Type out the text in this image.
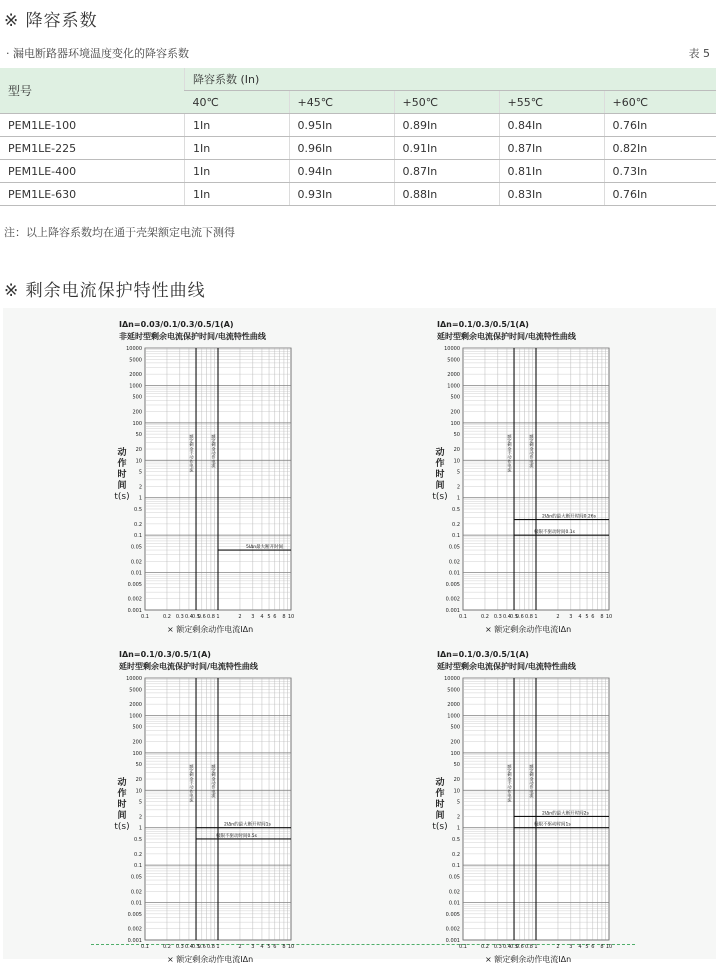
※ 降容系数
· 漏电断路器环境温度变化的降容系数	表 5
型号	降容系数 (In)				
	40℃	+45℃	+50℃	+55℃	+60℃
PEM1LE-100	1In	0.95In	0.89In	0.84In	0.76In
PEM1LE-225	1In	0.96In	0.91In	0.87In	0.82In
PEM1LE-400	1In	0.94In	0.87In	0.81In	0.73In
PEM1LE-630	1In	0.93In	0.88In	0.83In	0.76In
注：以上降容系数均在通于壳架额定电流下测得
※ 剩余电流保护特性曲线
IΔn=0.03/0.1/0.3/0.5/1(A)
非延时型剩余电流保护时间/电流特性曲线
10000
5000
2000
1000
500
200
100
50
20
10
5
2
1
0.5
0.2
0.1
0.05
0.02
0.01
0.005
0.002
0.001
0.1	0.2 0.3 0.4 0.5
0.6 0.8 1	2 3 4 5 6 8 10
额定剩余不动作电流	额定剩余动作电流
5IΔn最大断开时间
动
作
时
间
t(s)
× 额定剩余动作电流IΔn
IΔn=0.1/0.3/0.5/1(A)
延时型剩余电流保护时间/电流特性曲线
10000
5000
2000
1000
500
200
100
50
20
10
5
2
1
0.5
0.2
0.1
0.05
0.02
0.01
0.005
0.002
0.001
0.1	0.2 0.3 0.4 0.5
0.6 0.8 1	2 3 4 5 6 8 10
额定剩余不动作电流	额定剩余动作电流
2IΔn的最大断开时间0.26s
极限不驱动时间0.1s
动
作
时
间
t(s)
× 额定剩余动作电流IΔn
IΔn=0.1/0.3/0.5/1(A)
延时型剩余电流保护时间/电流特性曲线
10000
5000
2000
1000
500
200
100
50
20
10
5
2
1
0.5
0.2
0.1
0.05
0.02
0.01
0.005
0.002
0.001
0.1	0.2 0.3 0.4 0.5
0.6 0.8 1	2 3 4 5 6 8 10
额定剩余不动作电流	额定剩余动作电流
2IΔn的最大断开时间1s
极限不驱动时间0.5s
动
作
时
间
t(s)
× 额定剩余动作电流IΔn
IΔn=0.1/0.3/0.5/1(A)
延时型剩余电流保护时间/电流特性曲线
10000
5000
2000
1000
500
200
100
50
20
10
5
2
1
0.5
0.2
0.1
0.05
0.02
0.01
0.005
0.002
0.001
0.1	0.2 0.3 0.4 0.5
0.6 0.8 1	2 3 4 5 6 8 10
额定剩余不动作电流	额定剩余动作电流
2IΔn的最大断开时间2s
极限不驱动时间1s
动
作
时
间
t(s)
× 额定剩余动作电流IΔn
